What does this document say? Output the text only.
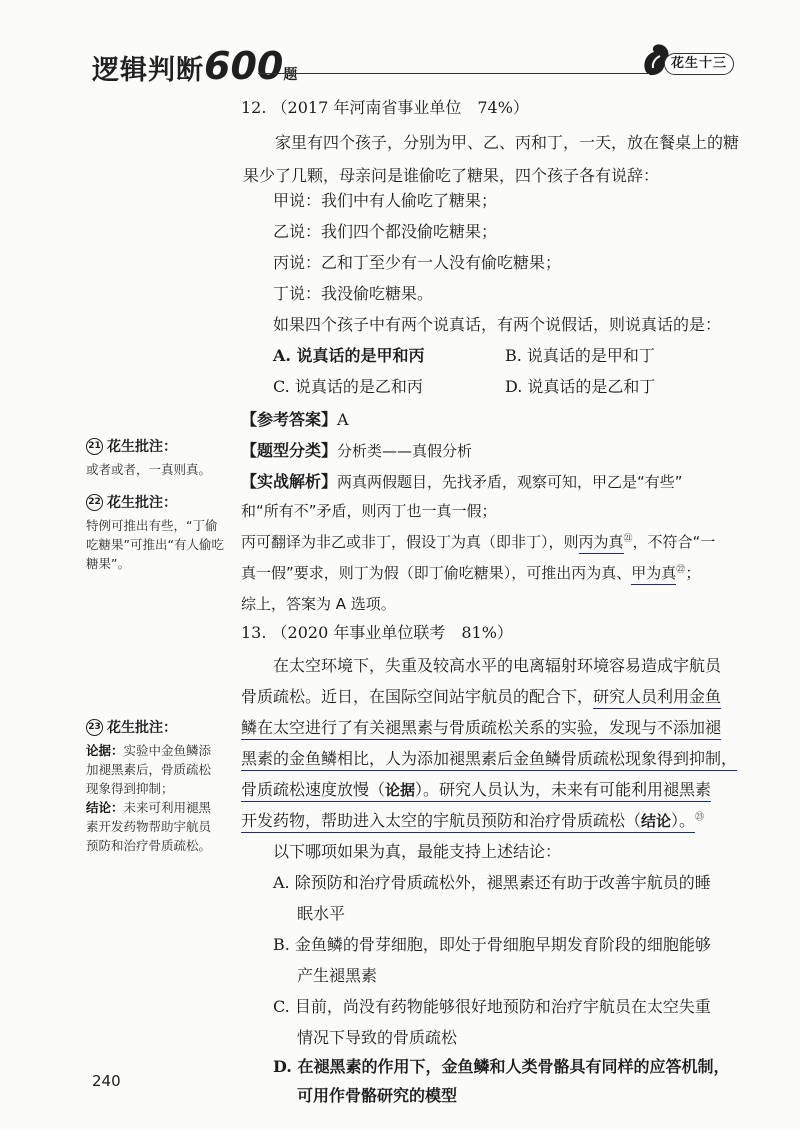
逻辑判断600题
花生十三
12. （2017 年河南省事业单位　74%）
家里有四个孩子，分别为甲、乙、丙和丁，一天，放在餐桌上的糖果少了几颗，母亲问是谁偷吃了糖果，四个孩子各有说辞：
甲说：我们中有人偷吃了糖果；
乙说：我们四个都没偷吃糖果；
丙说：乙和丁至少有一人没有偷吃糖果；
丁说：我没偷吃糖果。
如果四个孩子中有两个说真话，有两个说假话，则说真话的是：
A. 说真话的是甲和丙	B. 说真话的是甲和丁
C. 说真话的是乙和丙	D. 说真话的是乙和丁
【参考答案】A
【题型分类】分析类——真假分析
【实战解析】两真两假题目，先找矛盾，观察可知，甲乙是“有些”
和“所有不”矛盾，则丙丁也一真一假；
丙可翻译为非乙或非丁，假设丁为真（即非丁），则丙为真$^㉑$，不符合“一
真一假”要求，则丁为假（即丁偷吃糖果），可推出丙为真、甲为真$^㉒$；
综上，答案为 A 选项。
13. （2020 年事业单位联考　81%）
在太空环境下，失重及较高水平的电离辐射环境容易造成宇航员
骨质疏松。近日，在国际空间站宇航员的配合下，研究人员利用金鱼
鳞在太空进行了有关褪黑素与骨质疏松关系的实验，发现与不添加褪
黑素的金鱼鳞相比，人为添加褪黑素后金鱼鳞骨质疏松现象得到抑制，
骨质疏松速度放慢（论据）。研究人员认为，未来有可能利用褪黑素
开发药物，帮助进入太空的宇航员预防和治疗骨质疏松（结论）。$^㉓$
以下哪项如果为真，最能支持上述结论：
A. 除预防和治疗骨质疏松外，褪黑素还有助于改善宇航员的睡
眠水平
B. 金鱼鳞的骨芽细胞，即处于骨细胞早期发育阶段的细胞能够
产生褪黑素
C. 目前，尚没有药物能够很好地预防和治疗宇航员在太空失重
情况下导致的骨质疏松
D. 在褪黑素的作用下，金鱼鳞和人类骨骼具有同样的应答机制，
可用作骨骼研究的模型
21 花生批注：
或者或者，一真则真。
22 花生批注：
特例可推出有些，“丁偷吃糖果”可推出“有人偷吃糖果”。
23 花生批注：
论据：实验中金鱼鳞添加褪黑素后，骨质疏松现象得到抑制；
结论：未来可利用褪黑素开发药物帮助宇航员预防和治疗骨质疏松。
240
